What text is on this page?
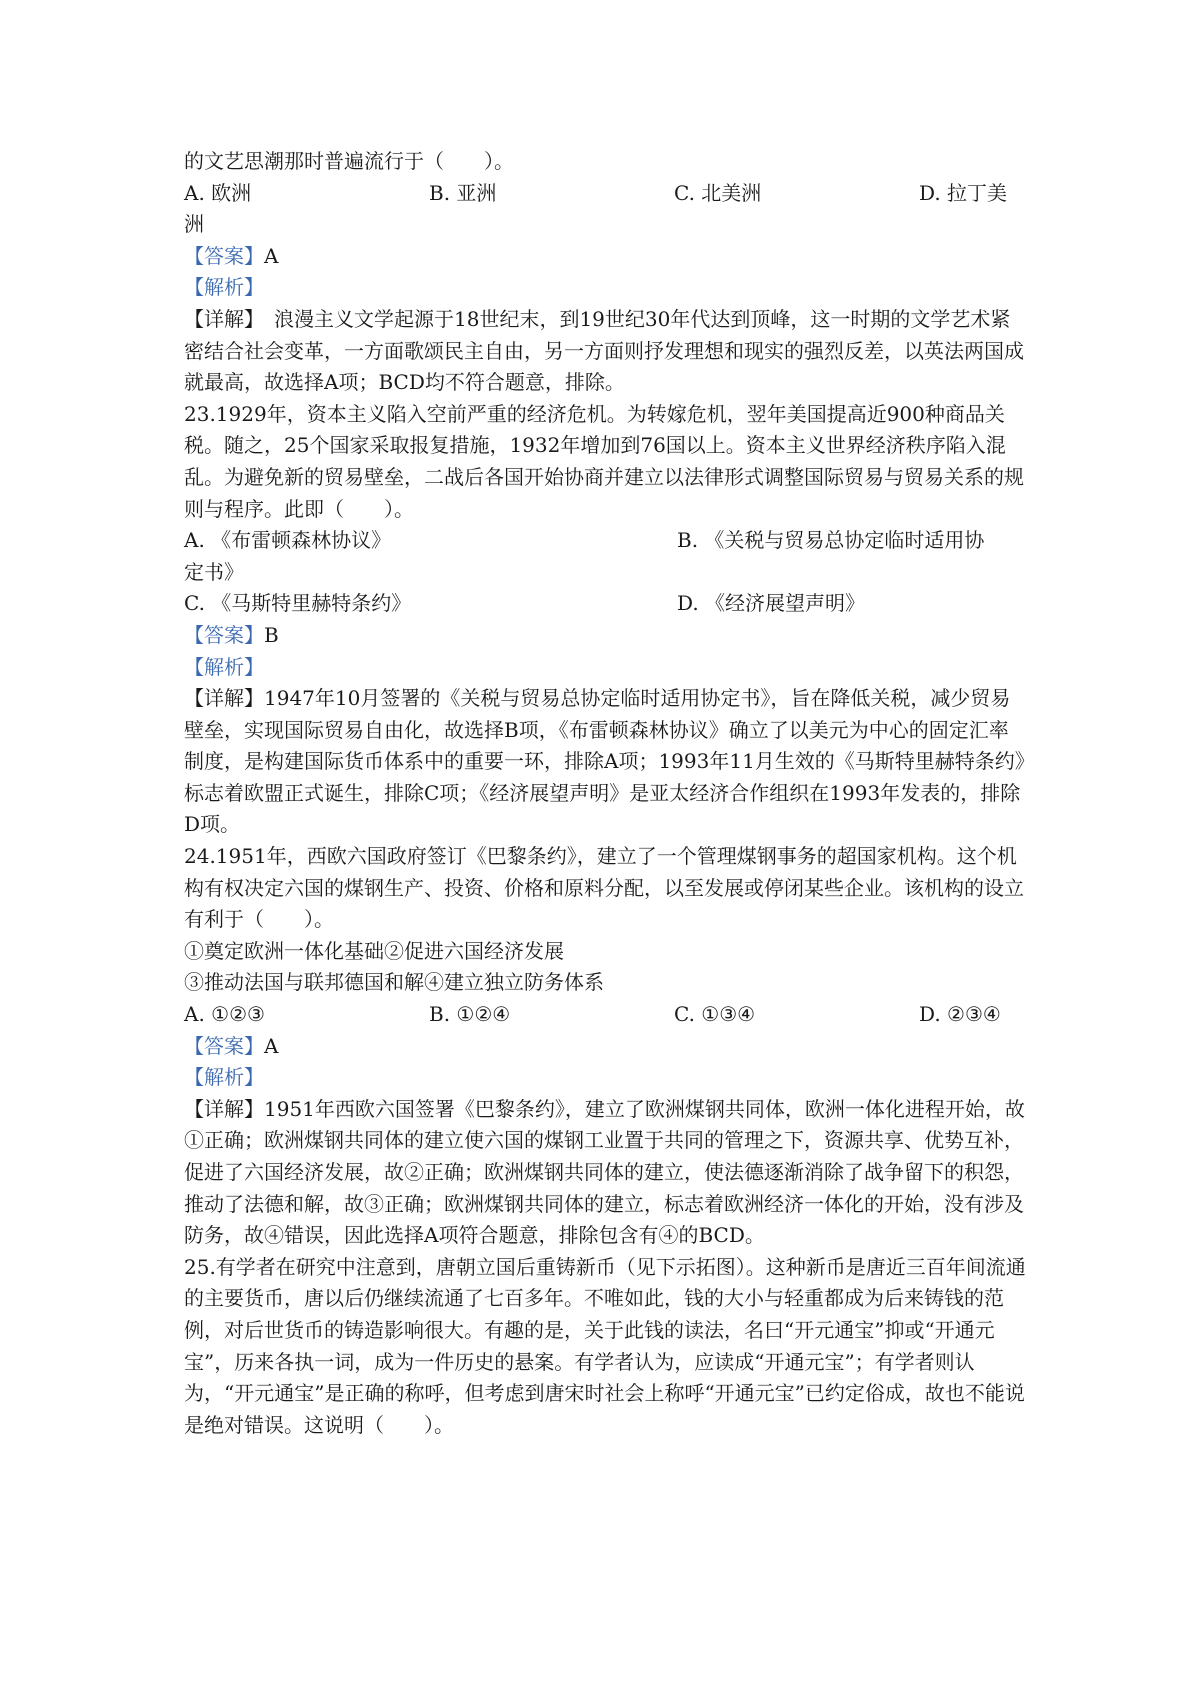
的文艺思潮那时普遍流行于（　　）。

A. 欧洲	B. 亚洲	C. 北美洲	D. 拉丁美

洲

【答案】A

【解析】

【详解】　浪漫主义文学起源于18世纪末，到19世纪30年代达到顶峰，这一时期的文学艺术紧密结合社会变革，一方面歌颂民主自由，另一方面则抒发理想和现实的强烈反差，以英法两国成就最高，故选择A项；BCD均不符合题意，排除。

23.1929年，资本主义陷入空前严重的经济危机。为转嫁危机，翌年美国提高近900种商品关税。随之，25个国家采取报复措施，1932年增加到76国以上。资本主义世界经济秩序陷入混乱。为避免新的贸易壁垒，二战后各国开始协商并建立以法律形式调整国际贸易与贸易关系的规则与程序。此即（　　）。

A. 《布雷顿森林协议》	B. 《关税与贸易总协定临时适用协

定书》

C. 《马斯特里赫特条约》	D. 《经济展望声明》

【答案】B

【解析】

【详解】1947年10月签署的《关税与贸易总协定临时适用协定书》，旨在降低关税，减少贸易壁垒，实现国际贸易自由化，故选择B项，《布雷顿森林协议》确立了以美元为中心的固定汇率制度，是构建国际货币体系中的重要一环，排除A项；1993年11月生效的《马斯特里赫特条约》标志着欧盟正式诞生，排除C项；《经济展望声明》是亚太经济合作组织在1993年发表的，排除D项。

24.1951年，西欧六国政府签订《巴黎条约》，建立了一个管理煤钢事务的超国家机构。这个机构有权决定六国的煤钢生产、投资、价格和原料分配，以至发展或停闭某些企业。该机构的设立有利于（　　）。

①奠定欧洲一体化基础②促进六国经济发展

③推动法国与联邦德国和解④建立独立防务体系

A. ①②③	B. ①②④	C. ①③④	D. ②③④

【答案】A

【解析】

【详解】1951年西欧六国签署《巴黎条约》，建立了欧洲煤钢共同体，欧洲一体化进程开始，故①正确；欧洲煤钢共同体的建立使六国的煤钢工业置于共同的管理之下，资源共享、优势互补，促进了六国经济发展，故②正确；欧洲煤钢共同体的建立，使法德逐渐消除了战争留下的积怨，推动了法德和解，故③正确；欧洲煤钢共同体的建立，标志着欧洲经济一体化的开始，没有涉及防务，故④错误，因此选择A项符合题意，排除包含有④的BCD。

25.有学者在研究中注意到，唐朝立国后重铸新币（见下示拓图）。这种新币是唐近三百年间流通的主要货币，唐以后仍继续流通了七百多年。不唯如此，钱的大小与轻重都成为后来铸钱的范例，对后世货币的铸造影响很大。有趣的是，关于此钱的读法，名曰“开元通宝”抑或“开通元宝”，历来各执一词，成为一件历史的悬案。有学者认为，应读成“开通元宝”；有学者则认为，“开元通宝”是正确的称呼，但考虑到唐宋时社会上称呼“开通元宝”已约定俗成，故也不能说是绝对错误。这说明（　　）。
